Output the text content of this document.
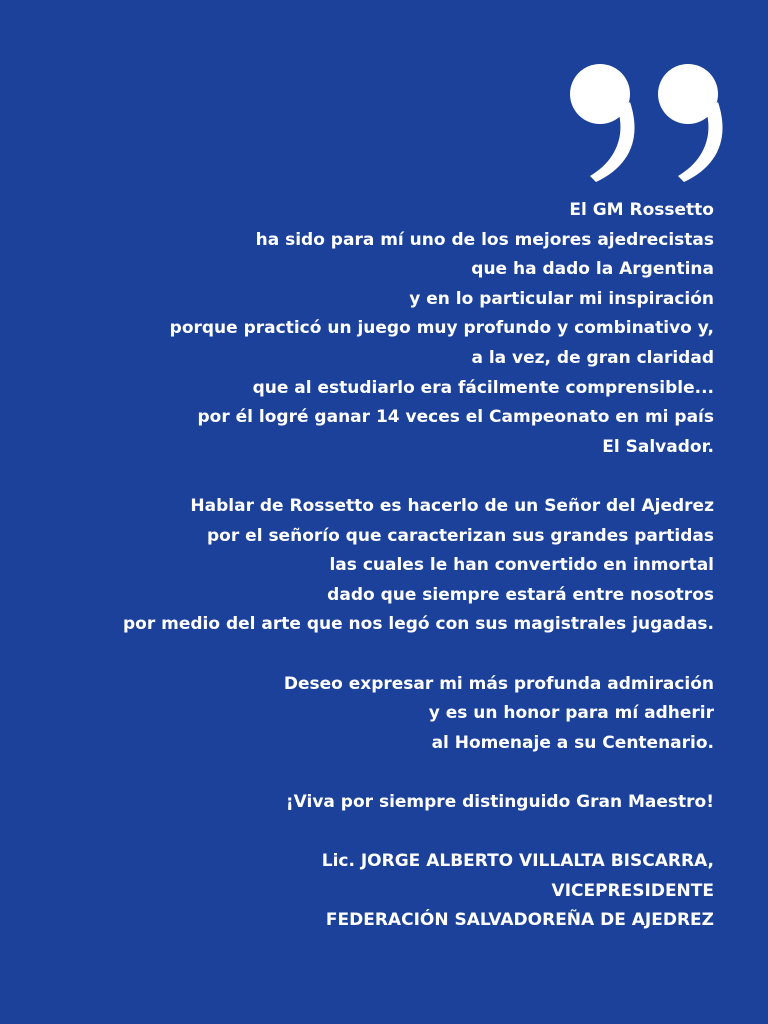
El GM Rossetto
ha sido para mí uno de los mejores ajedrecistas
que ha dado la Argentina
y en lo particular mi inspiración
porque practicó un juego muy profundo y combinativo y,
a la vez, de gran claridad
que al estudiarlo era fácilmente comprensible...
por él logré ganar 14 veces el Campeonato en mi país
El Salvador.
Hablar de Rossetto es hacerlo de un Señor del Ajedrez
por el señorío que caracterizan sus grandes partidas
las cuales le han convertido en inmortal
dado que siempre estará entre nosotros
por medio del arte que nos legó con sus magistrales jugadas.
Deseo expresar mi más profunda admiración
y es un honor para mí adherir
al Homenaje a su Centenario.
¡Viva por siempre distinguido Gran Maestro!
Lic. JORGE ALBERTO VILLALTA BISCARRA,
VICEPRESIDENTE
FEDERACIÓN SALVADOREÑA DE AJEDREZ
